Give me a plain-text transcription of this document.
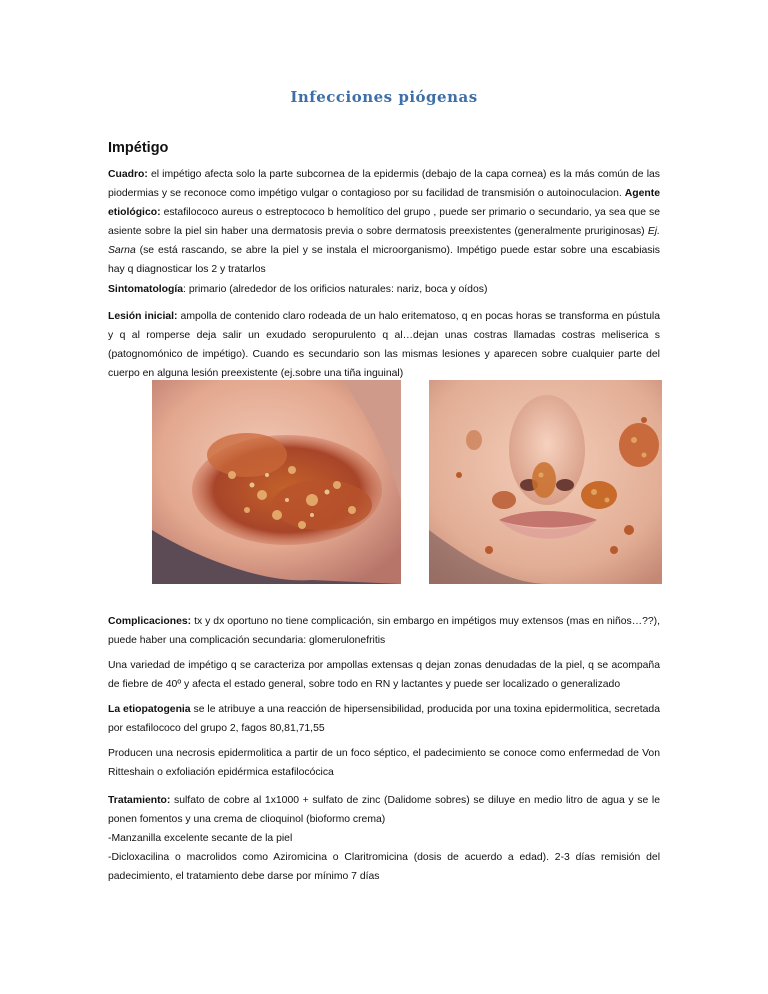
Infecciones piógenas
Impétigo
Cuadro: el impétigo afecta solo la parte subcornea de la epidermis (debajo de la capa cornea) es la más común de las piodermias y se reconoce como impétigo vulgar o contagioso por su facilidad de transmisión o autoinoculacion. Agente etiológico: estafilococo aureus o estreptococo b hemolítico del grupo , puede ser primario o secundario, ya sea que se asiente sobre la piel sin haber una dermatosis previa o sobre dermatosis preexistentes (generalmente pruriginosas) Ej. Sarna (se está rascando, se abre la piel y se instala el microorganismo). Impétigo puede estar sobre una escabiasis hay q diagnosticar los 2 y tratarlos
Sintomatología: primario (alrededor de los orificios naturales: nariz, boca y oídos)
Lesión inicial: ampolla de contenido claro rodeada de un halo eritematoso, q en pocas horas se transforma en pústula y q al romperse deja salir un exudado seropurulento q al…dejan unas costras llamadas costras meliserica s (patognomónico de impétigo). Cuando es secundario son las mismas lesiones y aparecen sobre cualquier parte del cuerpo en alguna lesión preexistente (ej.sobre una tiña inguinal)
Complicaciones: tx y dx oportuno no tiene complicación, sin embargo en impétigos muy extensos (mas en niños…??), puede haber una complicación secundaria: glomerulonefritis
Una variedad de impétigo q se caracteriza por ampollas extensas q dejan zonas denudadas de la piel, q se acompaña de fiebre de 40º y afecta el estado general, sobre todo en RN y lactantes y puede ser localizado o generalizado
La etiopatogenia se le atribuye a una reacción de hipersensibilidad, producida por una toxina epidermolitica, secretada por estafilococo del grupo 2, fagos 80,81,71,55
Producen una necrosis epidermolitica a partir de un foco séptico, el padecimiento se conoce como enfermedad de Von Ritteshain o exfoliación epidérmica estafilocócica
Tratamiento: sulfato de cobre al 1x1000 + sulfato de zinc (Dalidome sobres) se diluye en medio litro de agua y se le ponen fomentos y una crema de clioquinol (bioformo crema)
-Manzanilla excelente secante de la piel
-Dicloxacilina o macrolidos como Aziromicina o Claritromicina (dosis de acuerdo a edad). 2-3 días remisión del padecimiento, el tratamiento debe darse por mínimo 7 días
